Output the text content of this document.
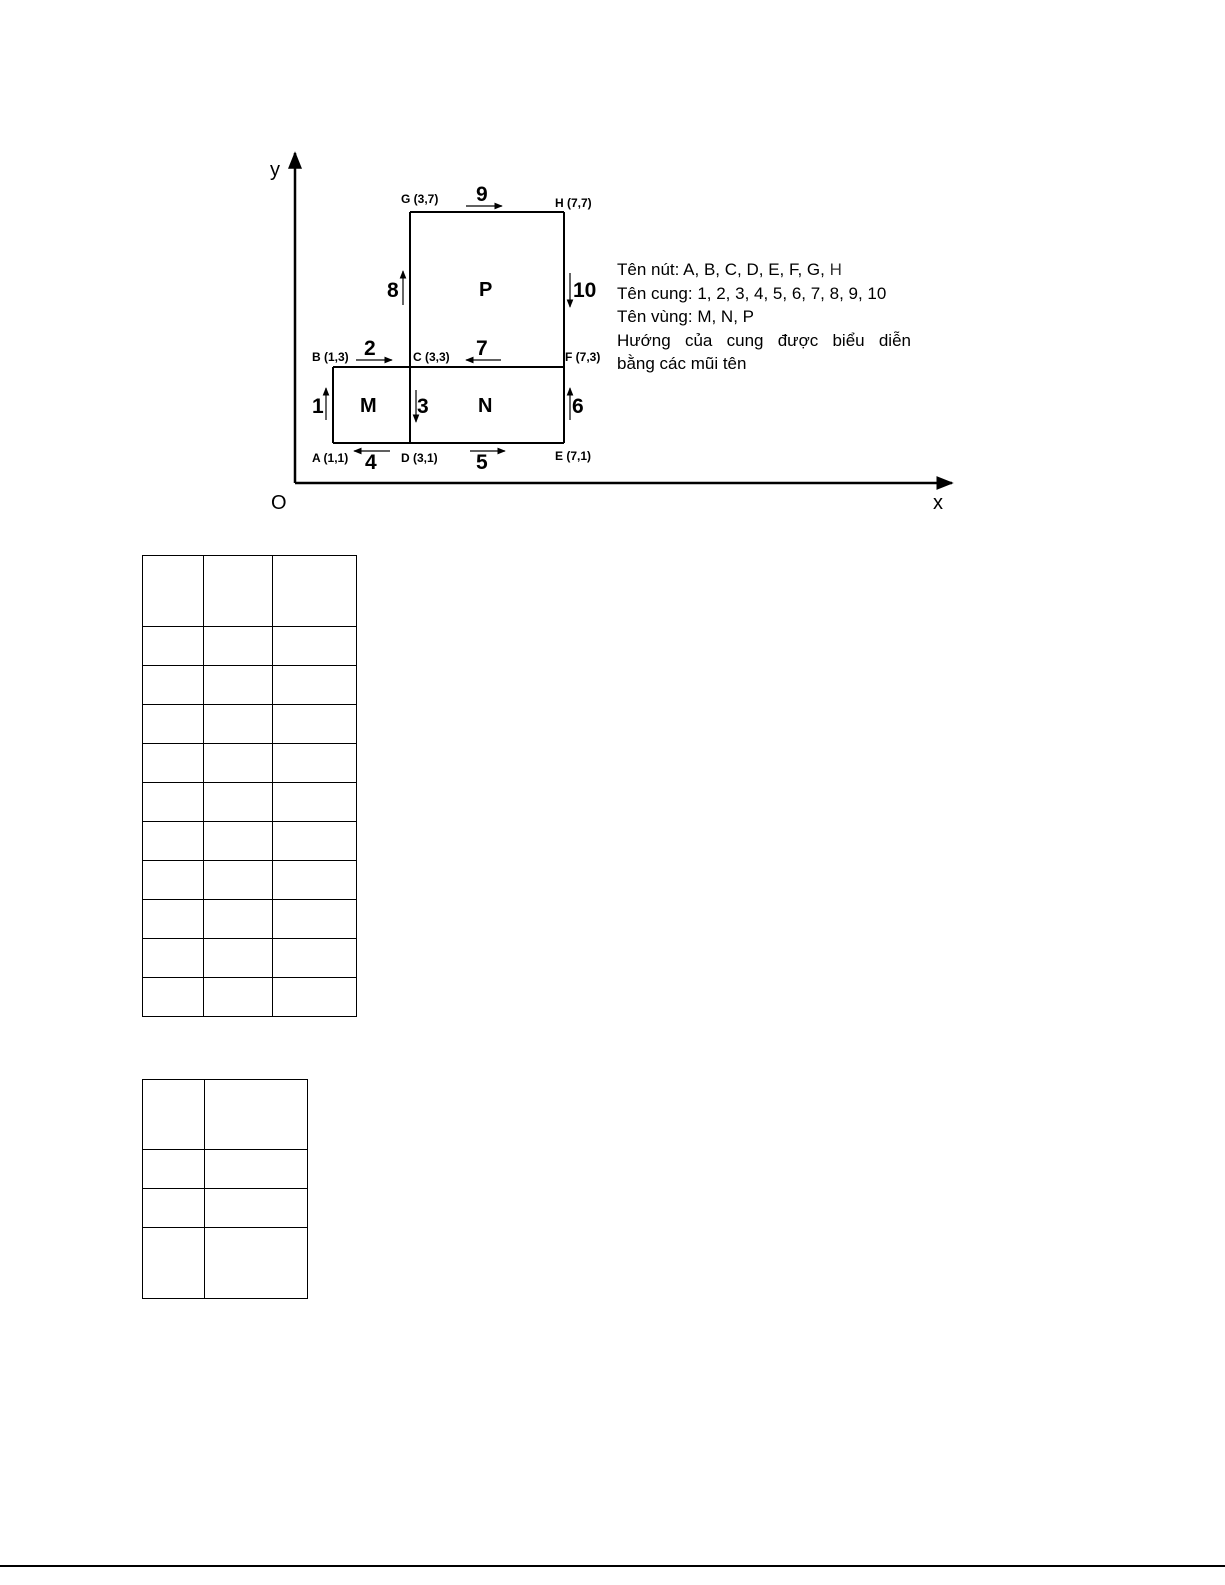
y
x
O
1
2
3
4	5
6
7
8
9
10
A (1,1)
B (1,3)	C (3,3)
D (3,1)	E (7,1)
F (7,3)
G (3,7)	H (7,7)
M	N
P
Tên nút: A, B, C, D, E, F, G, H
Tên cung: 1, 2, 3, 4, 5, 6, 7, 8, 9, 10
Tên vùng: M, N, P
Hướng của cung được biểu diễn
bằng các mũi tên
